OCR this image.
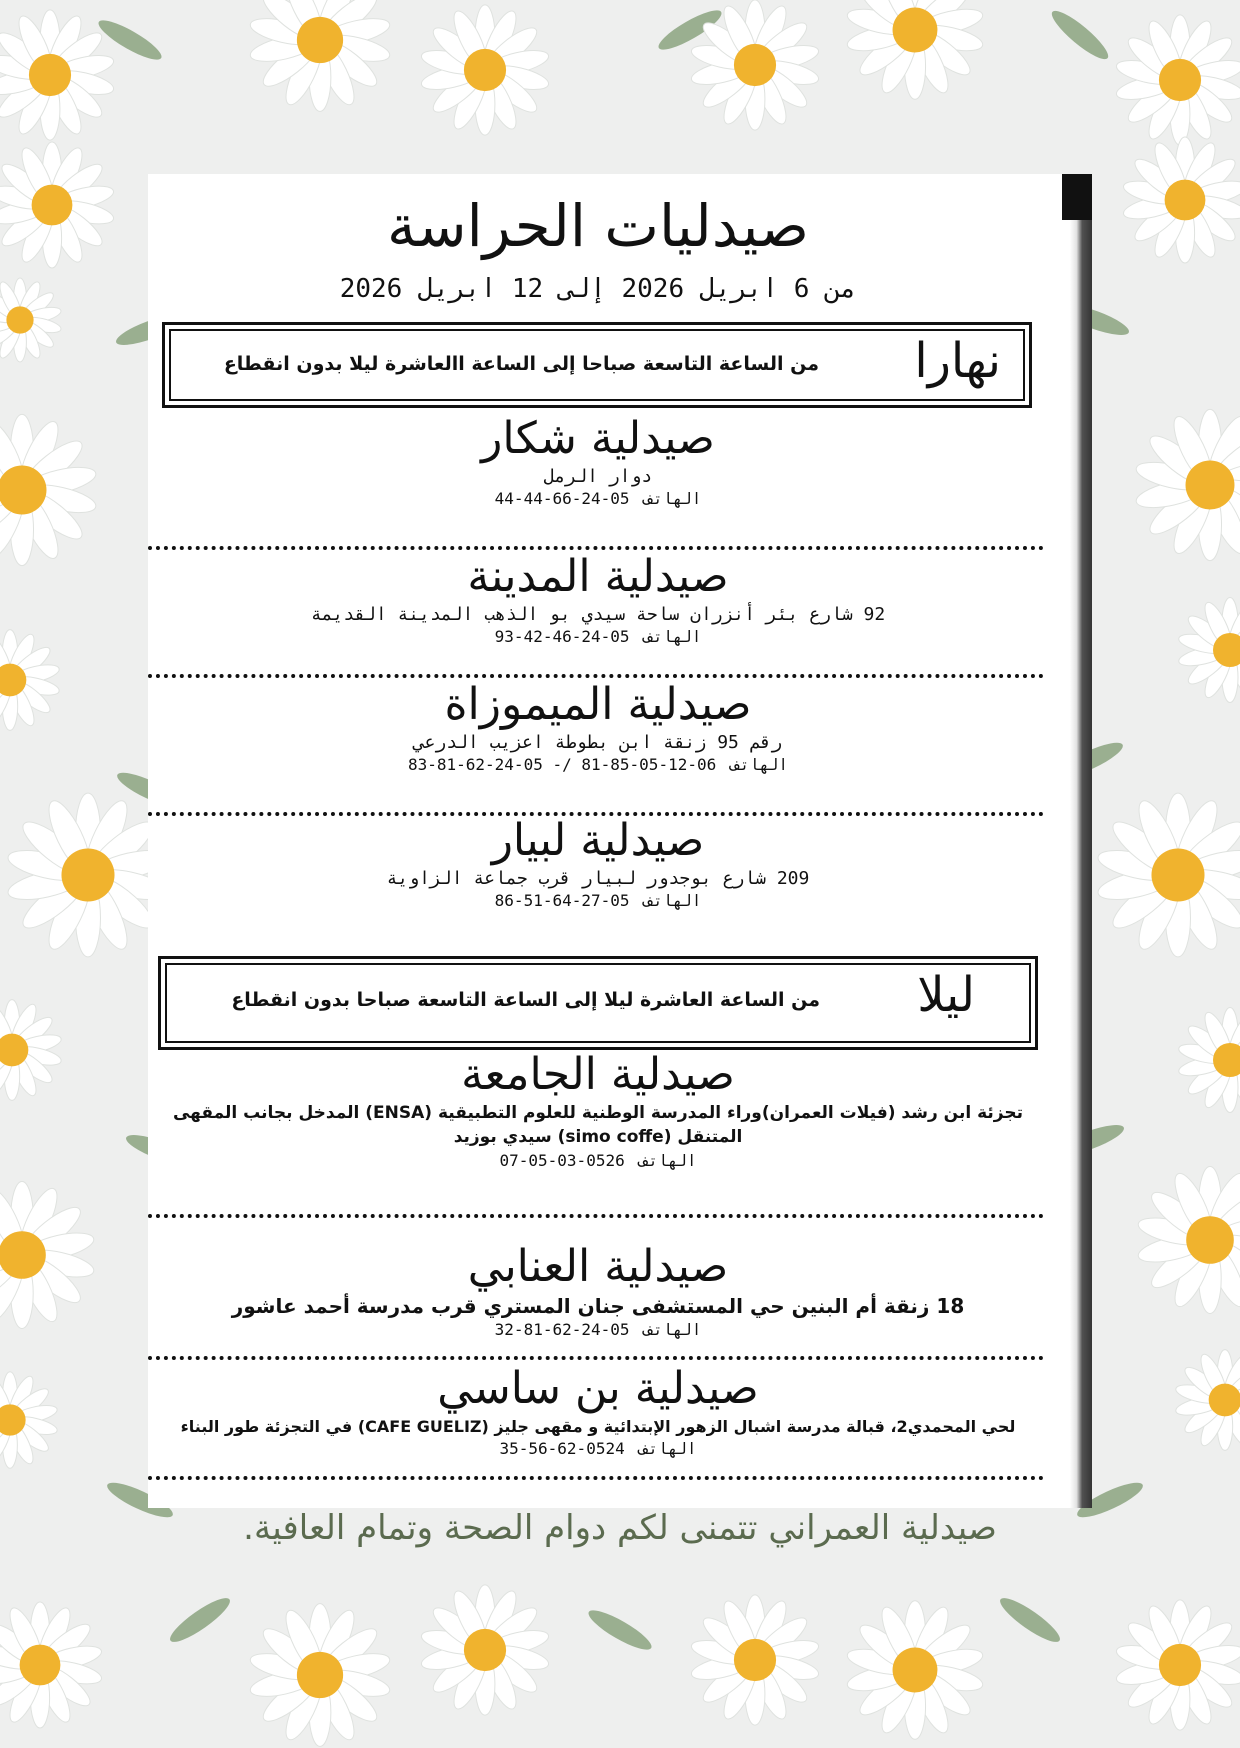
صيدليات الحراسة
من 6 ابريل 2026 إلى 12 ابريل 2026
نهارا
من الساعة التاسعة صباحا إلى الساعة االعاشرة ليلا بدون انقطاع
صيدلية شكار
دوار الرمل
الهاتف05-24-66-44-44
صيدلية المدينة
92 شارع بئر أنزران ساحة سيدي بو الذهب المدينة القديمة
الهاتف05-24-46-42-93
صيدلية الميموزاة
رقم 95 زنقة ابن بطوطة اعزيب الدرعي
الهاتف06-12-05-85-81 /- 05-24-62-81-83
صيدلية لبيار
209 شارع بوجدور لبيار قرب جماعة الزاوية
الهاتف05-27-64-51-86
ليلا
من الساعة العاشرة ليلا إلى الساعة التاسعة صباحا بدون انقطاع
صيدلية الجامعة
تجزئة ابن رشد (فيلات العمران)وراء المدرسة الوطنية للعلوم التطبيقية (ENSA) المدخل بجانب المقهى
المتنقل (simo coffe) سيدي بوزيد
الهاتف0526-03-05-07
صيدلية العنابي
18 زنقة أم البنين حي المستشفى جنان المستري قرب مدرسة أحمد عاشور
الهاتف05-24-62-81-32
صيدلية بن ساسي
لحي المحمدي2، قبالة مدرسة اشبال الزهور الإبتدائية و مقهى جليز (CAFE GUELIZ) في التجزئة طور البناء
الهاتف0524-62-56-35
صيدلية العمراني تتمنى لكم دوام الصحة وتمام العافية.
